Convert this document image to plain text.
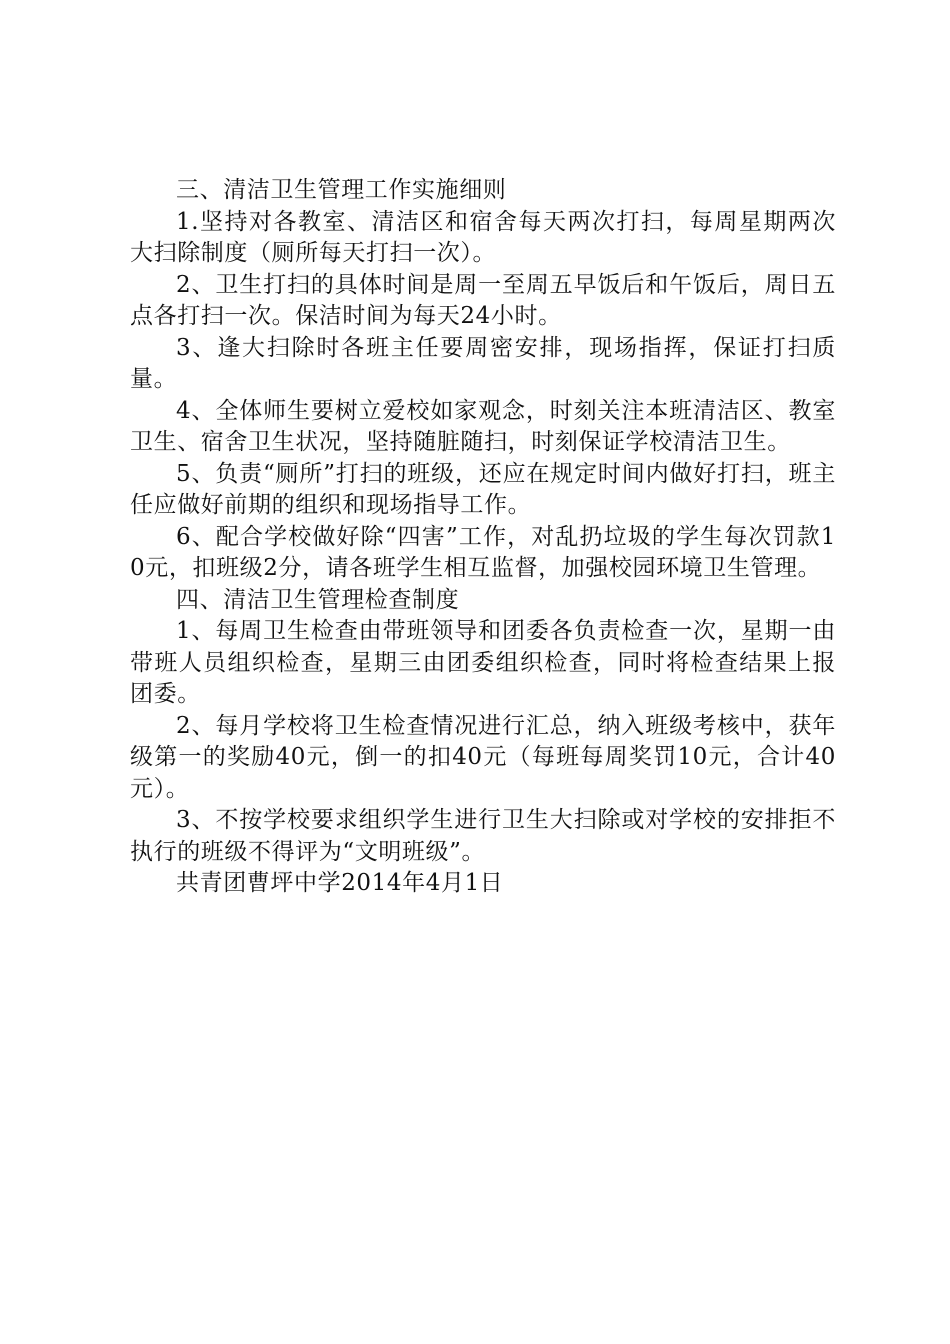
三、清洁卫生管理工作实施细则

1.坚持对各教室、清洁区和宿舍每天两次打扫，每周星期两次大扫除制度（厕所每天打扫一次）。

2、卫生打扫的具体时间是周一至周五早饭后和午饭后，周日五点各打扫一次。保洁时间为每天24小时。

3、逢大扫除时各班主任要周密安排，现场指挥，保证打扫质量。

4、全体师生要树立爱校如家观念，时刻关注本班清洁区、教室卫生、宿舍卫生状况，坚持随脏随扫，时刻保证学校清洁卫生。

5、负责“厕所”打扫的班级，还应在规定时间内做好打扫，班主任应做好前期的组织和现场指导工作。

6、配合学校做好除“四害”工作，对乱扔垃圾的学生每次罚款10元，扣班级2分，请各班学生相互监督，加强校园环境卫生管理。

四、清洁卫生管理检查制度

1、每周卫生检查由带班领导和团委各负责检查一次，星期一由带班人员组织检查，星期三由团委组织检查，同时将检查结果上报团委。

2、每月学校将卫生检查情况进行汇总，纳入班级考核中，获年级第一的奖励40元，倒一的扣40元（每班每周奖罚10元，合计40元）。

3、不按学校要求组织学生进行卫生大扫除或对学校的安排拒不执行的班级不得评为“文明班级”。

共青团曹坪中学2014年4月1日
